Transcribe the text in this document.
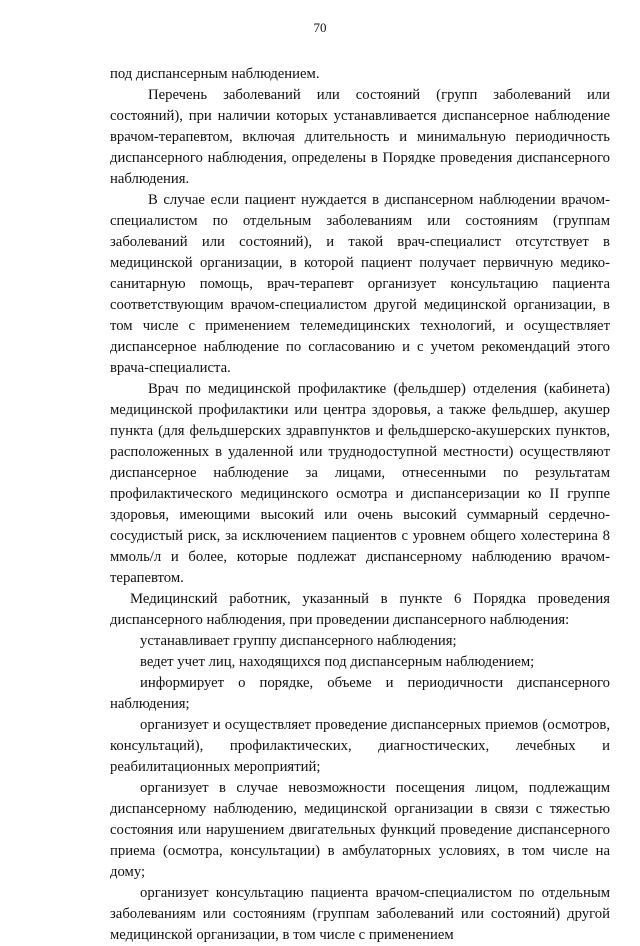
70

под диспансерным наблюдением.

Перечень заболеваний или состояний (групп заболеваний или состояний), при наличии которых устанавливается диспансерное наблюдение врачом-терапевтом, включая длительность и минимальную периодичность диспансерного наблюдения, определены в Порядке проведения диспансерного наблюдения.

В случае если пациент нуждается в диспансерном наблюдении врачом-специалистом по отдельным заболеваниям или состояниям (группам заболеваний или состояний), и такой врач-специалист отсутствует в медицинской организации, в которой пациент получает первичную медико-санитарную помощь, врач-терапевт организует консультацию пациента соответствующим врачом-специалистом другой медицинской организации, в том числе с применением телемедицинских технологий, и осуществляет диспансерное наблюдение по согласованию и с учетом рекомендаций этого врача-специалиста.

Врач по медицинской профилактике (фельдшер) отделения (кабинета) медицинской профилактики или центра здоровья, а также фельдшер, акушер пункта (для фельдшерских здравпунктов и фельдшерско-акушерских пунктов, расположенных в удаленной или труднодоступной местности) осуществляют диспансерное наблюдение за лицами, отнесенными по результатам профилактического медицинского осмотра и диспансеризации ко II группе здоровья, имеющими высокий или очень высокий суммарный сердечно-сосудистый риск, за исключением пациентов с уровнем общего холестерина 8 ммоль/л и более, которые подлежат диспансерному наблюдению врачом-терапевтом.

Медицинский работник, указанный в пункте 6 Порядка проведения диспансерного наблюдения, при проведении диспансерного наблюдения:

устанавливает группу диспансерного наблюдения;

ведет учет лиц, находящихся под диспансерным наблюдением;

информирует о порядке, объеме и периодичности диспансерного наблюдения;

организует и осуществляет проведение диспансерных приемов (осмотров, консультаций), профилактических, диагностических, лечебных и реабилитационных мероприятий;

организует в случае невозможности посещения лицом, подлежащим диспансерному наблюдению, медицинской организации в связи с тяжестью состояния или нарушением двигательных функций проведение диспансерного приема (осмотра, консультации) в амбулаторных условиях, в том числе на дому;

организует консультацию пациента врачом-специалистом по отдельным заболеваниям или состояниям (группам заболеваний или состояний) другой медицинской организации, в том числе с применением
